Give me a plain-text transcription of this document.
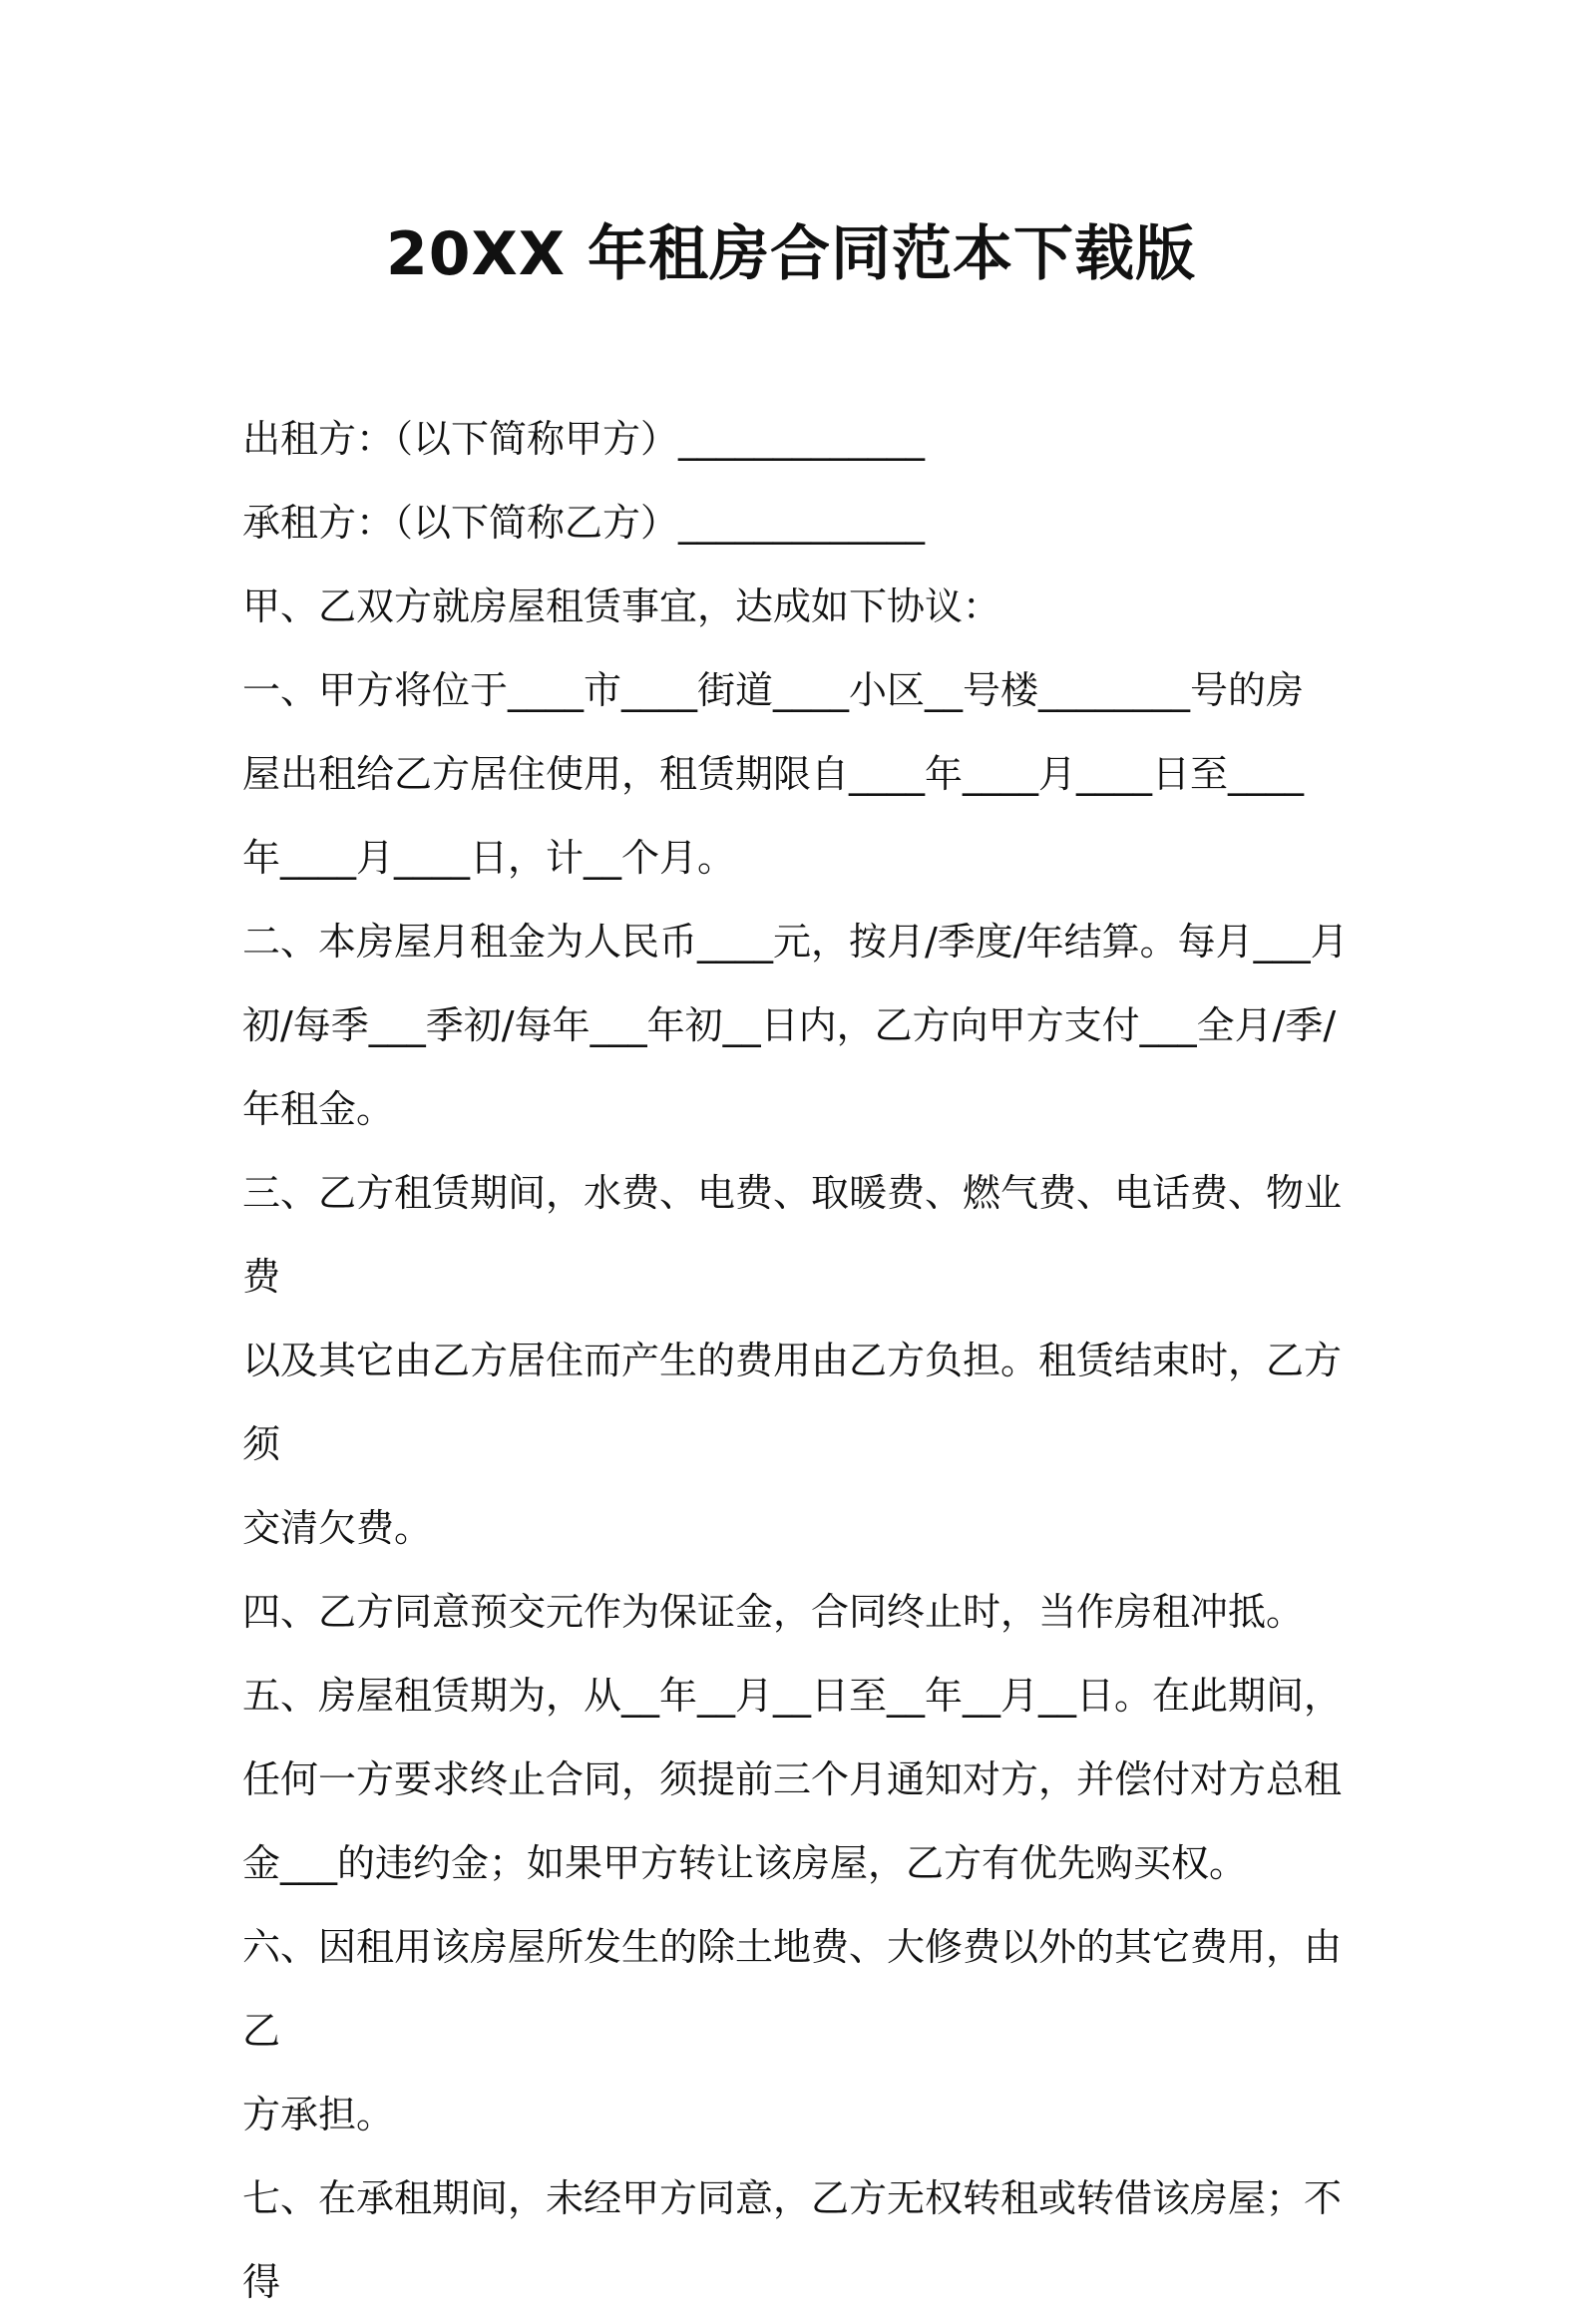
20XX 年租房合同范本下载版

出租方：（以下简称甲方）_____________

承租方：（以下简称乙方）_____________

甲、乙双方就房屋租赁事宜，达成如下协议：

一、甲方将位于____市____街道____小区__号楼________号的房
屋出租给乙方居住使用，租赁期限自____年____月____日至____
年____月____日，计__个月。

二、本房屋月租金为人民币____元，按月/季度/年结算。每月___月
初/每季___季初/每年___年初__日内，乙方向甲方支付___全月/季/
年租金。

三、乙方租赁期间，水费、电费、取暖费、燃气费、电话费、物业费
以及其它由乙方居住而产生的费用由乙方负担。租赁结束时，乙方须
交清欠费。

四、乙方同意预交元作为保证金，合同终止时，当作房租冲抵。

五、房屋租赁期为，从__年__月__日至__年__月__日。在此期间，
任何一方要求终止合同，须提前三个月通知对方，并偿付对方总租
金___的违约金；如果甲方转让该房屋，乙方有优先购买权。

六、因租用该房屋所发生的除土地费、大修费以外的其它费用，由乙
方承担。

七、在承租期间，未经甲方同意，乙方无权转租或转借该房屋；不得
